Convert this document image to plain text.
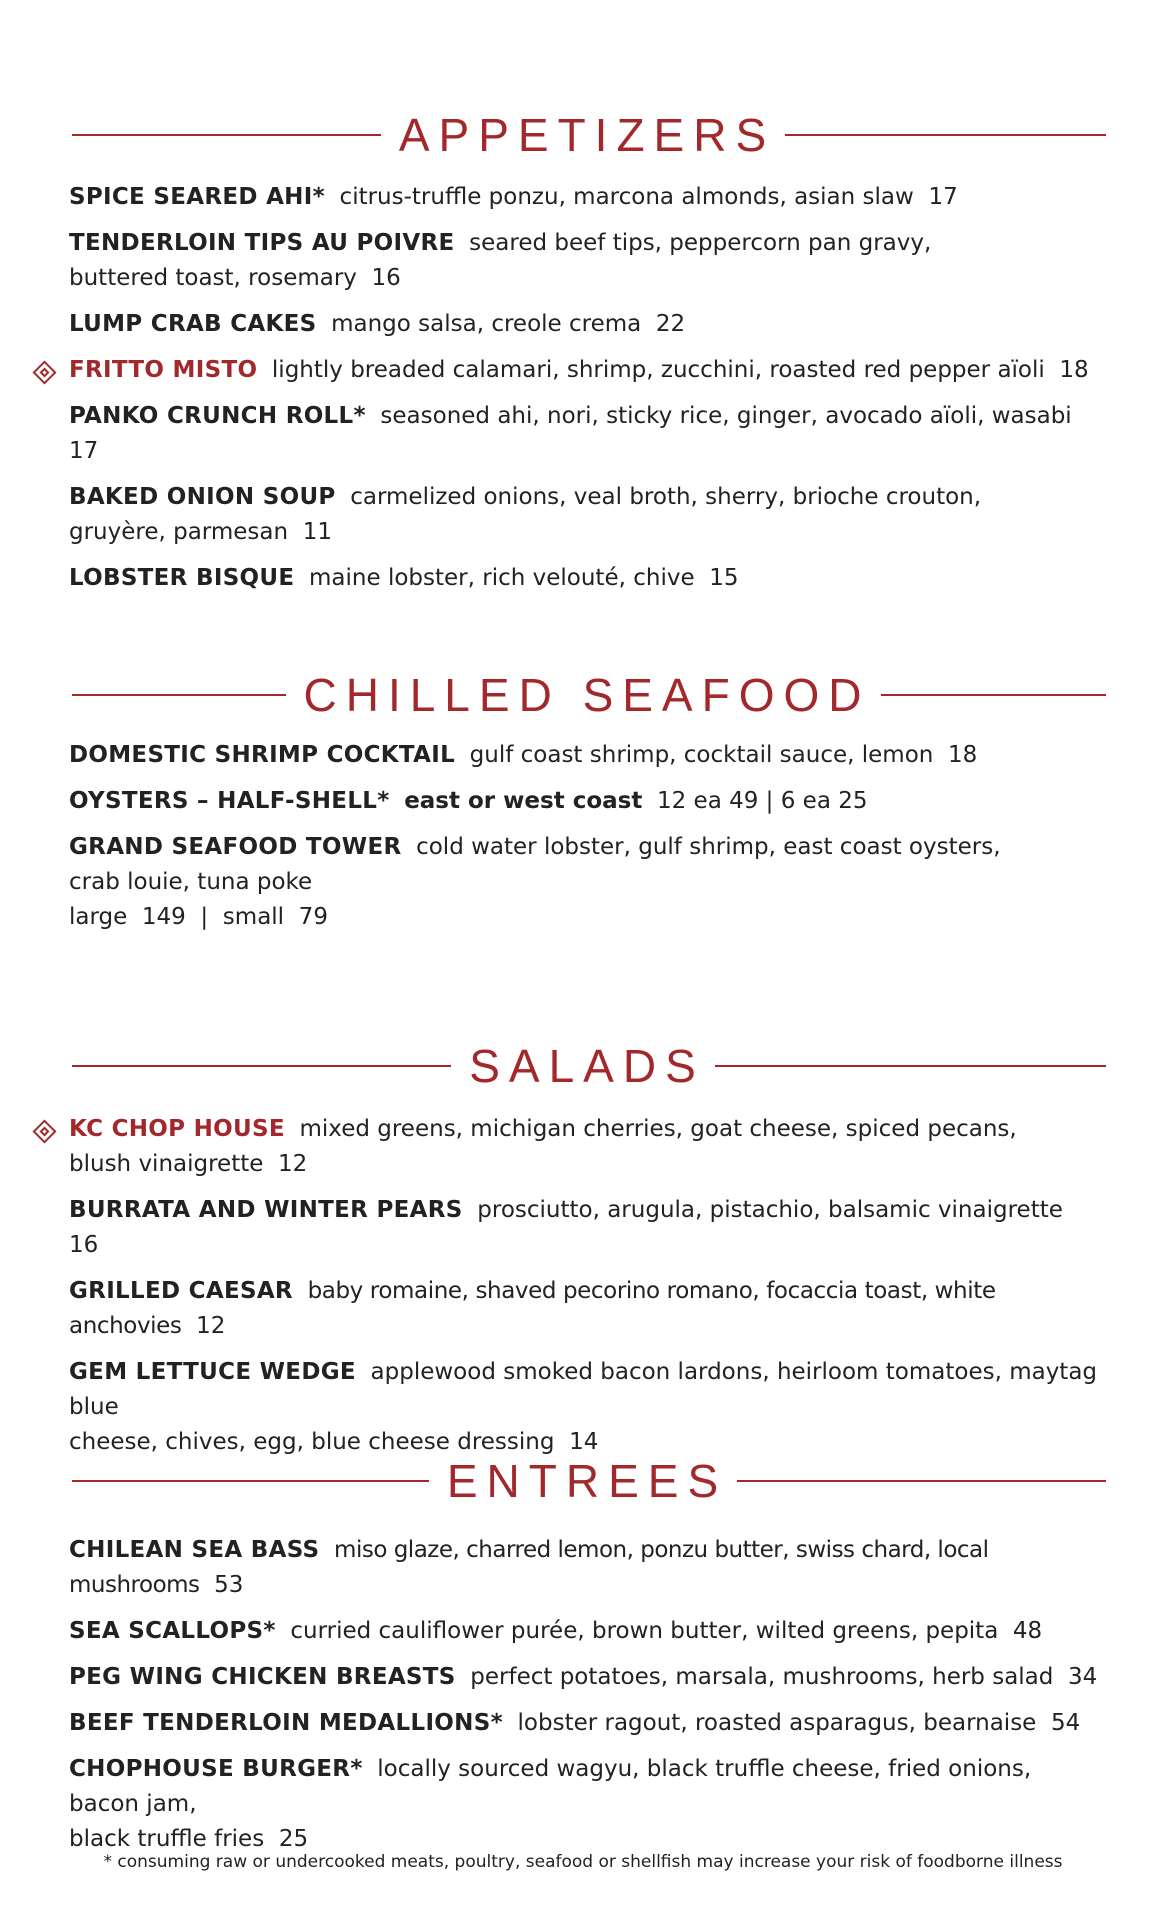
APPETIZERS
SPICE SEARED AHI* citrus-truffle ponzu, marcona almonds, asian slaw 17
TENDERLOIN TIPS AU POIVRE seared beef tips, peppercorn pan gravy,
buttered toast, rosemary 16
LUMP CRAB CAKES mango salsa, creole crema 22
FRITTO MISTO lightly breaded calamari, shrimp, zucchini, roasted red pepper aïoli 18
PANKO CRUNCH ROLL* seasoned ahi, nori, sticky rice, ginger, avocado aïoli, wasabi  17
BAKED ONION SOUP carmelized onions, veal broth, sherry, brioche crouton,
gruyère, parmesan 11
LOBSTER BISQUE maine lobster, rich velouté, chive 15
CHILLED SEAFOOD
DOMESTIC SHRIMP COCKTAIL gulf coast shrimp, cocktail sauce, lemon 18
OYSTERS – HALF-SHELL* east or west coast 12 ea 49 | 6 ea 25
GRAND SEAFOOD TOWER cold water lobster, gulf shrimp, east coast oysters,
crab louie, tuna poke
large  149  |  small  79
SALADS
KC CHOP HOUSE mixed greens, michigan cherries, goat cheese, spiced pecans,
blush vinaigrette 12
BURRATA AND WINTER PEARS prosciutto, arugula, pistachio, balsamic vinaigrette  16
GRILLED CAESAR baby romaine, shaved pecorino romano, focaccia toast, white anchovies 12
GEM LETTUCE WEDGE applewood smoked bacon lardons, heirloom tomatoes, maytag blue
cheese, chives, egg, blue cheese dressing 14
ENTREES
CHILEAN SEA BASS miso glaze, charred lemon, ponzu butter, swiss chard, local mushrooms 53
SEA SCALLOPS* curried cauliflower purée, brown butter, wilted greens, pepita 48
PEG WING CHICKEN BREASTS perfect potatoes, marsala, mushrooms, herb salad 34
BEEF TENDERLOIN MEDALLIONS* lobster ragout, roasted asparagus, bearnaise 54
CHOPHOUSE BURGER* locally sourced wagyu, black truffle cheese, fried onions, bacon jam,
black truffle fries 25
* consuming raw or undercooked meats, poultry, seafood or shellfish may increase your risk of foodborne illness
